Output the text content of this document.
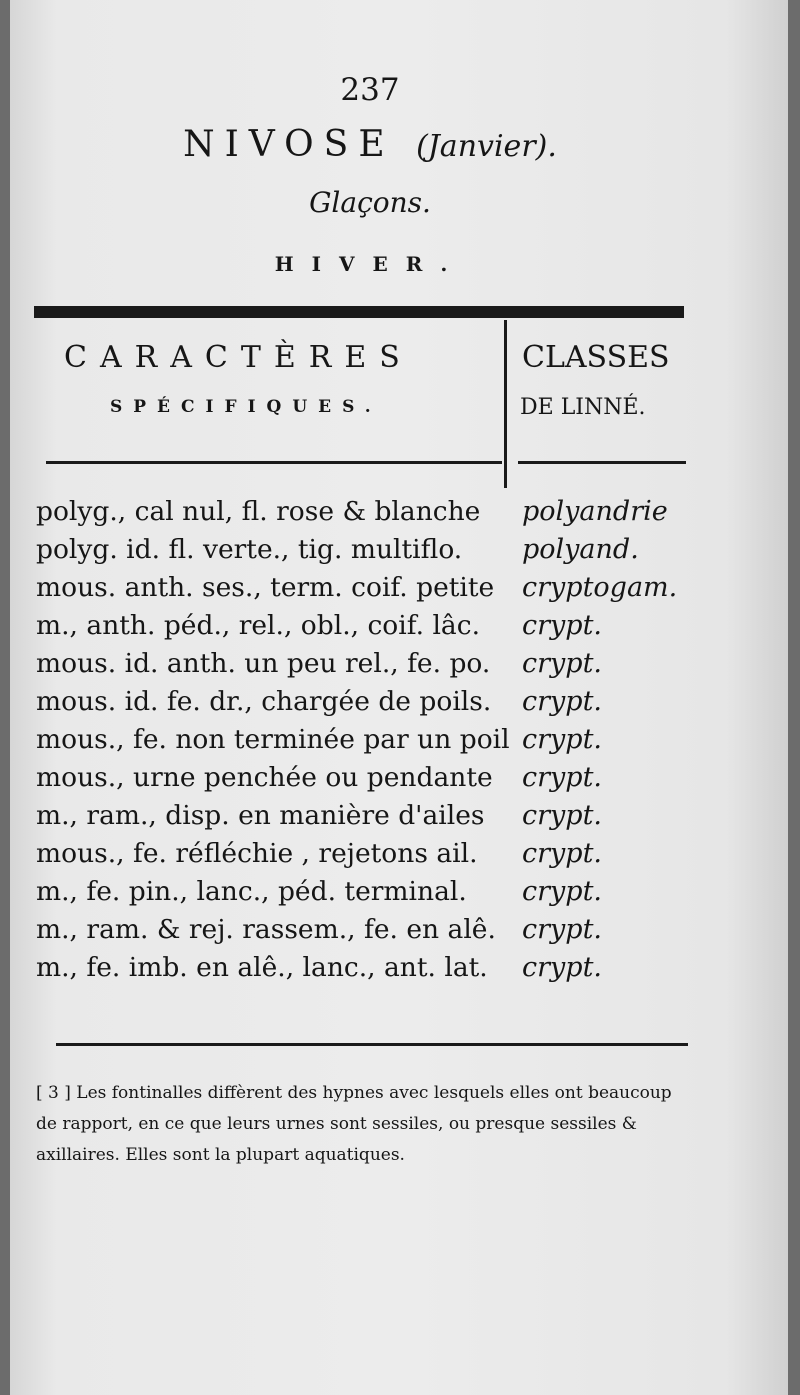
237
NIVOSE (Janvier).
Glaçons.
HIVER.
CARACTÈRES
SPÉCIFIQUES.
CLASSES
DE LINNÉ.
polyg., cal nul, fl. rose & blanche polyandrie
polyg. id. fl. verte., tig. multiflo. polyand.
mous. anth. ses., term. coif. petite cryptogam.
m., anth. péd., rel., obl., coif. lâc. crypt.
mous. id. anth. un peu rel., fe. po. crypt.
mous. id. fe. dr., chargée de poils. crypt.
mous., fe. non terminée par un poil crypt.
mous., urne penchée ou pendante crypt.
m., ram., disp. en manière d'ailes crypt.
mous., fe. réfléchie , rejetons ail. crypt.
m., fe. pin., lanc., péd. terminal. crypt.
m., ram. & rej. rassem., fe. en alê. crypt.
m., fe. imb. en alê., lanc., ant. lat. crypt.
[ 3 ] Les fontinalles diffèrent des hypnes avec lesquels elles ont beaucoup de rapport, en ce que leurs urnes sont sessiles, ou presque sessiles & axillaires. Elles sont la plupart aquatiques.
